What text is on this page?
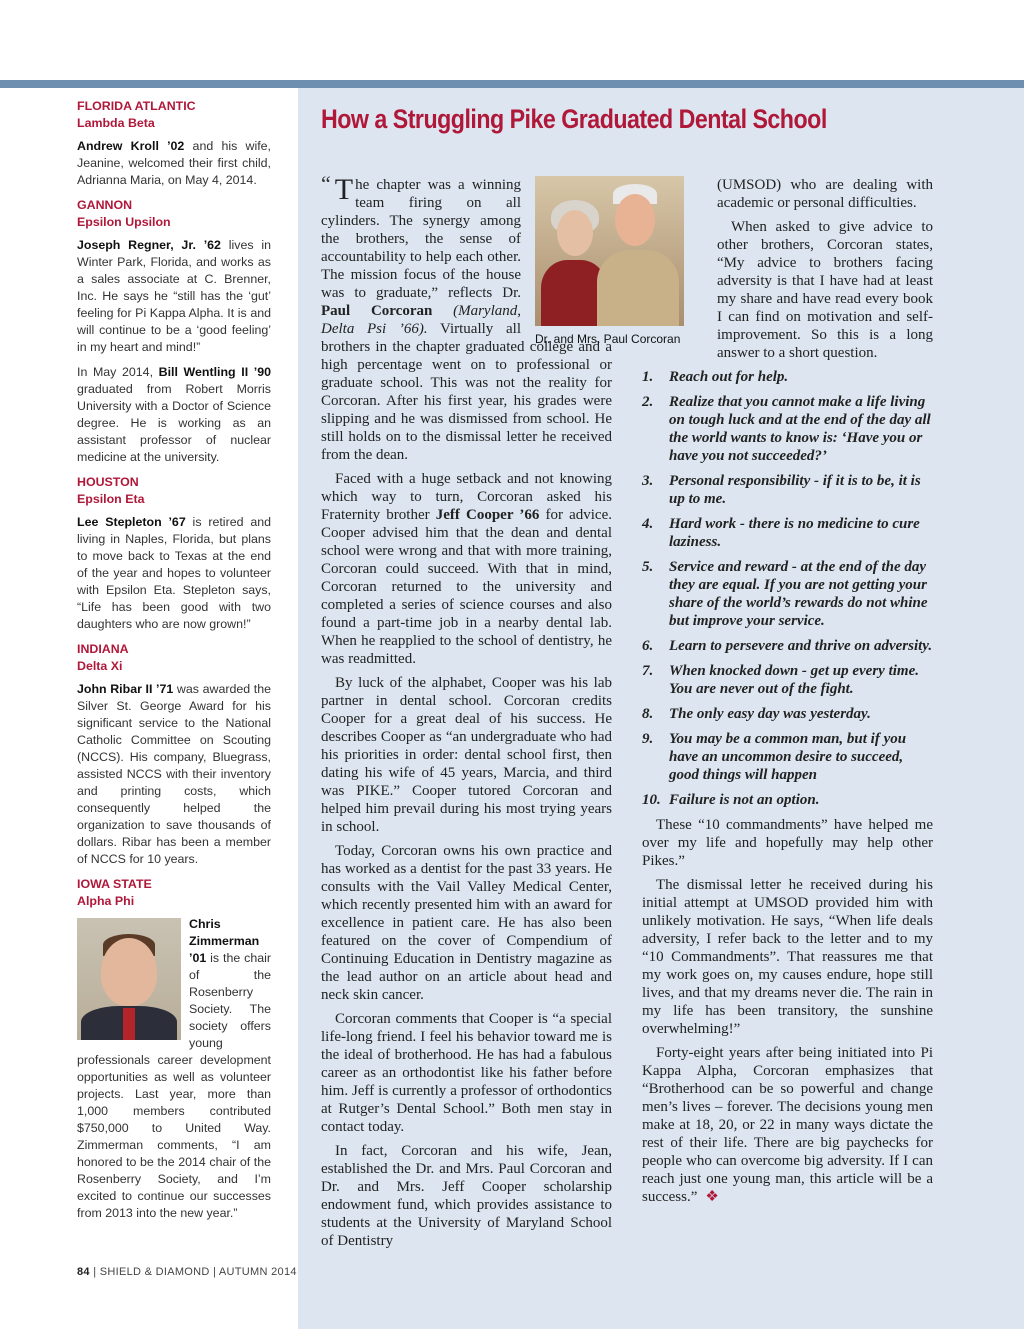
FLORIDA ATLANTIC
Lambda Beta

Andrew Kroll ’02 and his wife, Jeanine, welcomed their first child, Adrianna Maria, on May 4, 2014.

GANNON
Epsilon Upsilon

Joseph Regner, Jr. ’62 lives in Winter Park, Florida, and works as a sales associate at C. Brenner, Inc. He says he “still has the ‘gut’ feeling for Pi Kappa Alpha. It is and will continue to be a ‘good feeling’ in my heart and mind!”

In May 2014, Bill Wentling II ’90 graduated from Robert Morris University with a Doctor of Science degree. He is working as an assistant professor of nuclear medicine at the university.

HOUSTON
Epsilon Eta

Lee Stepleton ’67 is retired and living in Naples, Florida, but plans to move back to Texas at the end of the year and hopes to volunteer with Epsilon Eta. Stepleton says, “Life has been good with two daughters who are now grown!”

INDIANA
Delta Xi

John Ribar II ’71 was awarded the Silver St. George Award for his significant service to the National Catholic Committee on Scouting (NCCS). His company, Bluegrass, assisted NCCS with their inventory and printing costs, which consequently helped the organization to save thousands of dollars. Ribar has been a member of NCCS for 10 years.

IOWA STATE
Alpha Phi

Chris Zimmerman ’01 is the chair of the Rosenberry Society. The society offers young professionals career development opportunities as well as volunteer projects. Last year, more than 1,000 members contributed $750,000 to United Way. Zimmerman comments, “I am honored to be the 2014 chair of the Rosenberry Society, and I’m excited to continue our successes from 2013 into the new year.”

84 | SHIELD & DIAMOND | AUTUMN 2014
How a Struggling Pike Graduated Dental School
Dr. and Mrs. Paul Corcoran

“ T he chapter was a winning team firing on all cylinders. The synergy among the brothers, the sense of accountability to help each other. The mission focus of the house was to graduate,” reflects Dr. Paul Corcoran (Maryland, Delta Psi ’66). Virtually all brothers in the chapter graduated college and a high percentage went on to professional or graduate school. This was not the reality for Corcoran. After his first year, his grades were slipping and he was dismissed from school. He still holds on to the dismissal letter he received from the dean.

Faced with a huge setback and not knowing which way to turn, Corcoran asked his Fraternity brother Jeff Cooper ’66 for advice. Cooper advised him that the dean and dental school were wrong and that with more training, Corcoran could succeed. With that in mind, Corcoran returned to the university and completed a series of science courses and also found a part-time job in a nearby dental lab. When he reapplied to the school of dentistry, he was readmitted.

By luck of the alphabet, Cooper was his lab partner in dental school. Corcoran credits Cooper for a great deal of his success. He describes Cooper as “an undergraduate who had his priorities in order: dental school first, then dating his wife of 45 years, Marcia, and third was PIKE.” Cooper tutored Corcoran and helped him prevail during his most trying years in school.

Today, Corcoran owns his own practice and has worked as a dentist for the past 33 years. He consults with the Vail Valley Medical Center, which recently presented him with an award for excellence in patient care. He has also been featured on the cover of Compendium of Continuing Education in Dentistry magazine as the lead author on an article about head and neck skin cancer.

Corcoran comments that Cooper is “a special life-long friend. I feel his behavior toward me is the ideal of brotherhood. He has had a fabulous career as an orthodontist like his father before him. Jeff is currently a professor of orthodontics at Rutger’s Dental School.” Both men stay in contact today.

In fact, Corcoran and his wife, Jean, established the Dr. and Mrs. Paul Corcoran and Dr. and Mrs. Jeff Cooper scholarship endowment fund, which provides assistance to students at the University of Maryland School of Dentistry

(UMSOD) who are dealing with academic or personal difficulties.

When asked to give advice to other brothers, Corcoran states, “My advice to brothers facing adversity is that I have had at least my share and have read every book I can find on motivation and self-improvement. So this is a long answer to a short question.

1.	Reach out for help.
2.	Realize that you cannot make a life living on tough luck and at the end of the day all the world wants to know is: ‘Have you or have you not succeeded?’
3.	Personal responsibility - if it is to be, it is up to me.
4.	Hard work - there is no medicine to cure laziness.
5.	Service and reward - at the end of the day they are equal. If you are not getting your share of the world’s rewards do not whine but improve your service.
6.	Learn to persevere and thrive on adversity.
7.	When knocked down - get up every time. You are never out of the fight.
8.	The only easy day was yesterday.
9.	You may be a common man, but if you have an uncommon desire to succeed, good things will happen
10. Failure is not an option.

These “10 commandments” have helped me over my life and hopefully may help other Pikes.”

The dismissal letter he received during his initial attempt at UMSOD provided him with unlikely motivation. He says, “When life deals adversity, I refer back to the letter and to my “10 Commandments”. That reassures me that my work goes on, my causes endure, hope still lives, and that my dreams never die. The rain in my life has been transitory, the sunshine overwhelming!”

Forty-eight years after being initiated into Pi Kappa Alpha, Corcoran emphasizes that “Brotherhood can be so powerful and change men’s lives – forever. The decisions young men make at 18, 20, or 22 in many ways dictate the rest of their life. There are big paychecks for people who can overcome big adversity. If I can reach just one young man, this article will be a success.” ❖
